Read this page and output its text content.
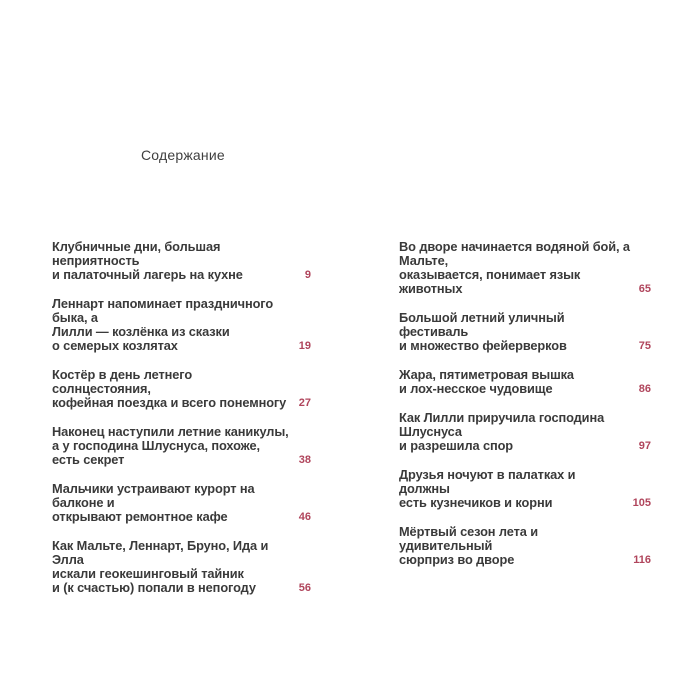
Содержание
Клубничные дни, большая неприятность
и палаточный лагерь на кухне	9
Леннарт напоминает праздничного быка, а
Лилли — козлёнка из сказки
о семерых козлятах	19
Костёр в день летнего солнцестояния,
кофейная поездка и всего понемногу	27
Наконец наступили летние каникулы,
а у господина Шлуснуса, похоже, есть секрет	38
Мальчики устраивают курорт на балконе и
открывают ремонтное кафе	46
Как Мальте, Леннарт, Бруно, Ида и Элла
искали геокешинговый тайник
и (к счастью) попали в непогоду	56
Во дворе начинается водяной бой, а Мальте,
оказывается, понимает язык животных	65
Большой летний уличный фестиваль
и множество фейерверков	75
Жара, пятиметровая вышка
и лох-несское чудовище	86
Как Лилли приручила господина Шлуснуса
и разрешила спор	97
Друзья ночуют в палатках и должны
есть кузнечиков и корни	105
Мёртвый сезон лета и удивительный
сюрприз во дворе	116
